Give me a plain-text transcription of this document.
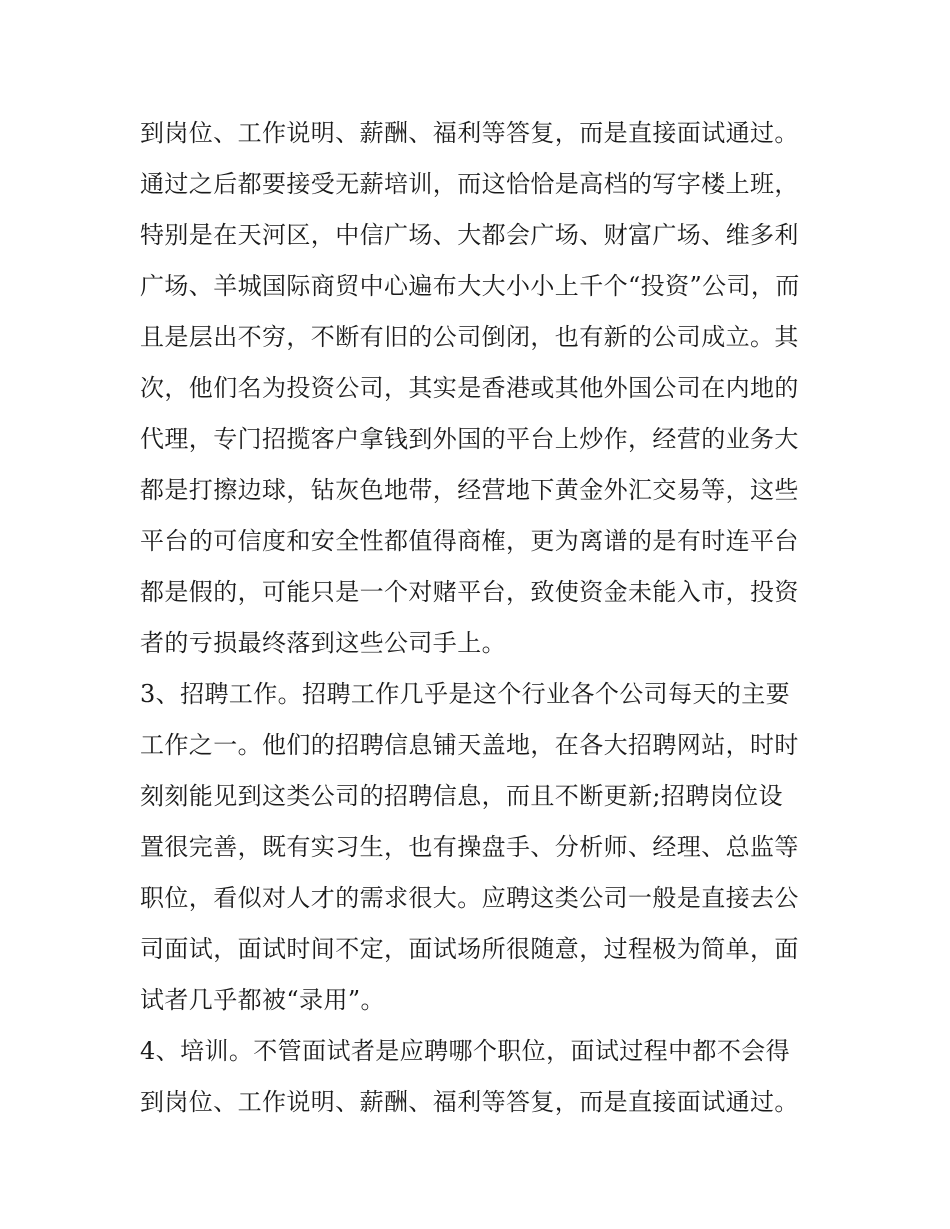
到岗位、工作说明、薪酬、福利等答复，而是直接面试通过。
通过之后都要接受无薪培训，而这恰恰是高档的写字楼上班，
特别是在天河区，中信广场、大都会广场、财富广场、维多利
广场、羊城国际商贸中心遍布大大小小上千个“投资”公司，而
且是层出不穷，不断有旧的公司倒闭，也有新的公司成立。其
次，他们名为投资公司，其实是香港或其他外国公司在内地的
代理，专门招揽客户拿钱到外国的平台上炒作，经营的业务大
都是打擦边球，钻灰色地带，经营地下黄金外汇交易等，这些
平台的可信度和安全性都值得商榷，更为离谱的是有时连平台
都是假的，可能只是一个对赌平台，致使资金未能入市，投资
者的亏损最终落到这些公司手上。
3、招聘工作。招聘工作几乎是这个行业各个公司每天的主要
工作之一。他们的招聘信息铺天盖地，在各大招聘网站，时时
刻刻能见到这类公司的招聘信息，而且不断更新;招聘岗位设
置很完善，既有实习生，也有操盘手、分析师、经理、总监等
职位，看似对人才的需求很大。应聘这类公司一般是直接去公
司面试，面试时间不定，面试场所很随意，过程极为简单，面
试者几乎都被“录用”。
4、培训。不管面试者是应聘哪个职位，面试过程中都不会得
到岗位、工作说明、薪酬、福利等答复，而是直接面试通过。
